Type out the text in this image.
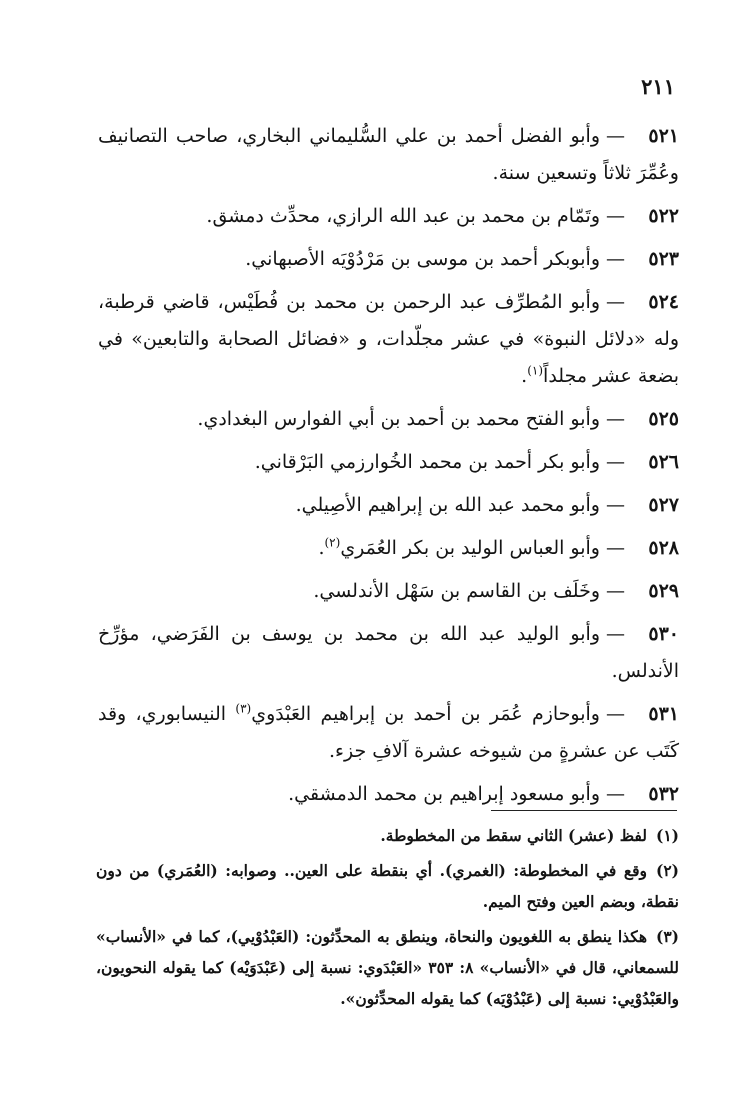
٢١١
٥٢١—وأبو الفضل أحمد بن علي السُّليماني البخاري، صاحب التصانيف وعُمِّرَ ثلاثاً وتسعين سنة.
٥٢٢—وتَمّام بن محمد بن عبد الله الرازي، محدِّث دمشق.
٥٢٣—وأبوبكر أحمد بن موسى بن مَرْدُوْيَه الأصبهاني.
٥٢٤—وأبو المُطرِّف عبد الرحمن بن محمد بن فُطَيْس، قاضي قرطبة، وله «دلائل النبوة» في عشر مجلّدات، و «فضائل الصحابة والتابعين» في بضعة عشر مجلداً$^{(١)}$.
٥٢٥—وأبو الفتح محمد بن أحمد بن أبي الفوارس البغدادي.
٥٢٦—وأبو بكر أحمد بن محمد الخُوارزمي البَرْقاني.
٥٢٧—وأبو محمد عبد الله بن إبراهيم الأصِيلي.
٥٢٨—وأبو العباس الوليد بن بكر العُمَري$^{(٢)}$.
٥٢٩—وخَلَف بن القاسم بن سَهْل الأندلسي.
٥٣٠—وأبو الوليد عبد الله بن محمد بن يوسف بن الفَرَضي، مؤرِّخ الأندلس.
٥٣١—وأبوحازم عُمَر بن أحمد بن إبراهيم العَبْدَوي$^{(٣)}$ النيسابوري، وقد كَتَب عن عشرةٍ من شيوخه عشرة آلافِ جزء.
٥٣٢—وأبو مسعود إبراهيم بن محمد الدمشقي.
(١)لفظ (عشر) الثاني سقط من المخطوطة.
(٢)وقع في المخطوطة: (الغمري). أي بنقطة على العين.. وصوابه: (العُمَري) من دون نقطة، وبضم العين وفتح الميم.
(٣)هكذا ينطق به اللغويون والنحاة، وينطق به المحدِّثون: (العَبْدُوْيي)، كما في «الأنساب» للسمعاني، قال في «الأنساب» ٨: ٣٥٣ «العَبْدَوي: نسبة إلى (عَبْدَوَيْه) كما يقوله النحويون، والعَبْدُوْيي: نسبة إلى (عَبْدُوْيَه) كما يقوله المحدِّثون».
